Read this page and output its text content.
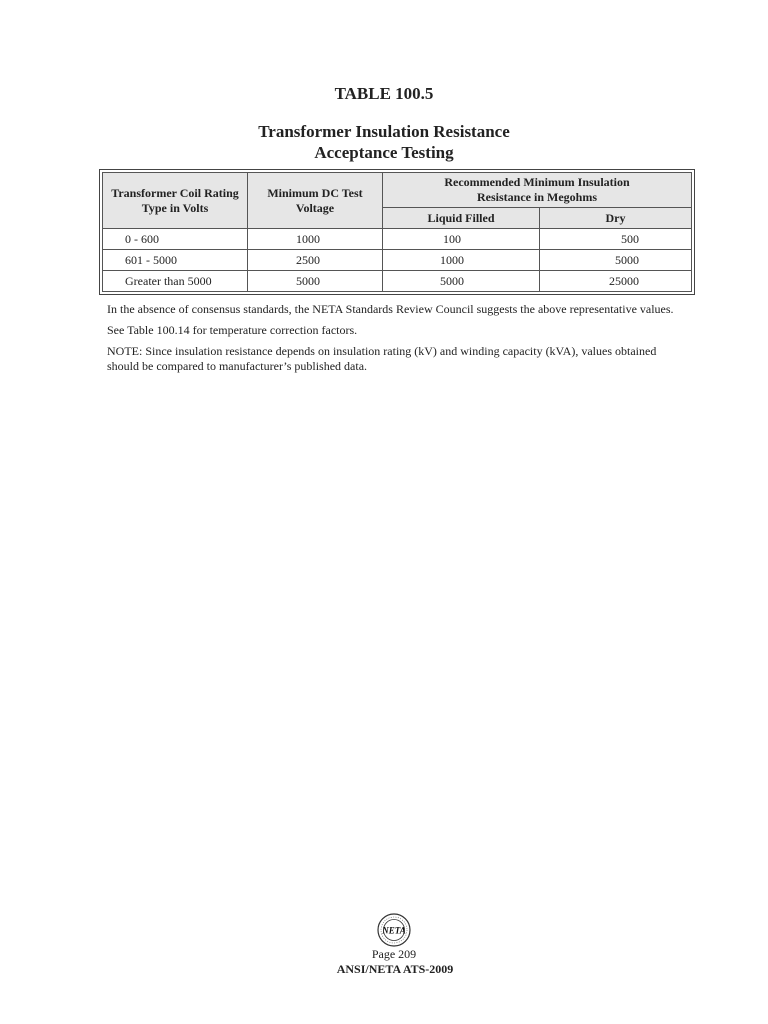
TABLE 100.5
Transformer Insulation Resistance
Acceptance Testing
Transformer Coil Rating Type in Volts	Minimum DC Test Voltage	Recommended Minimum Insulation Resistance in Megohms	
		Liquid Filled	Dry
0 - 600	1000	100	500
601 - 5000	2500	1000	5000
Greater than 5000	5000	5000	25000

In the absence of consensus standards, the NETA Standards Review Council suggests the above representative values.

See Table 100.14 for temperature correction factors.

NOTE: Since insulation resistance depends on insulation rating (kV) and winding capacity (kVA), values obtained should be compared to manufacturer’s published data.

NETA
Page 209
ANSI/NETA ATS-2009
